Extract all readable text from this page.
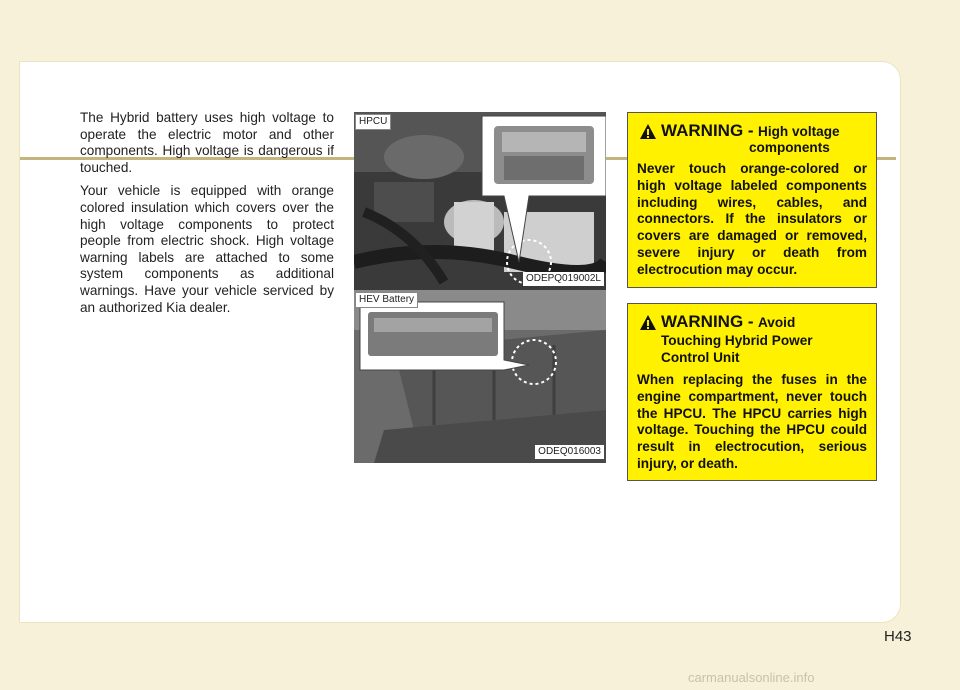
The Hybrid battery uses high voltage to operate the electric motor and other components. High voltage is dangerous if touched.

Your vehicle is equipped with orange colored insulation which covers over the high voltage components to protect people from electric shock. High voltage warning labels are attached to some system components as additional warnings. Have your vehicle serviced by an authorized Kia dealer.

HPCU
ODEPQ019002L
HEV Battery
ODEQ016003
WARNING - High voltage
components
Never touch orange-colored or high voltage labeled components including wires, cables, and connectors. If the insulators or covers are damaged or removed, severe injury or death from electrocution may occur.
WARNING - Avoid
Touching Hybrid Power
Control Unit
When replacing the fuses in the engine compartment, never touch the HPCU. The HPCU carries high voltage. Touching the HPCU could result in electrocution, serious injury, or death.
H43
carmanualsonline.info
